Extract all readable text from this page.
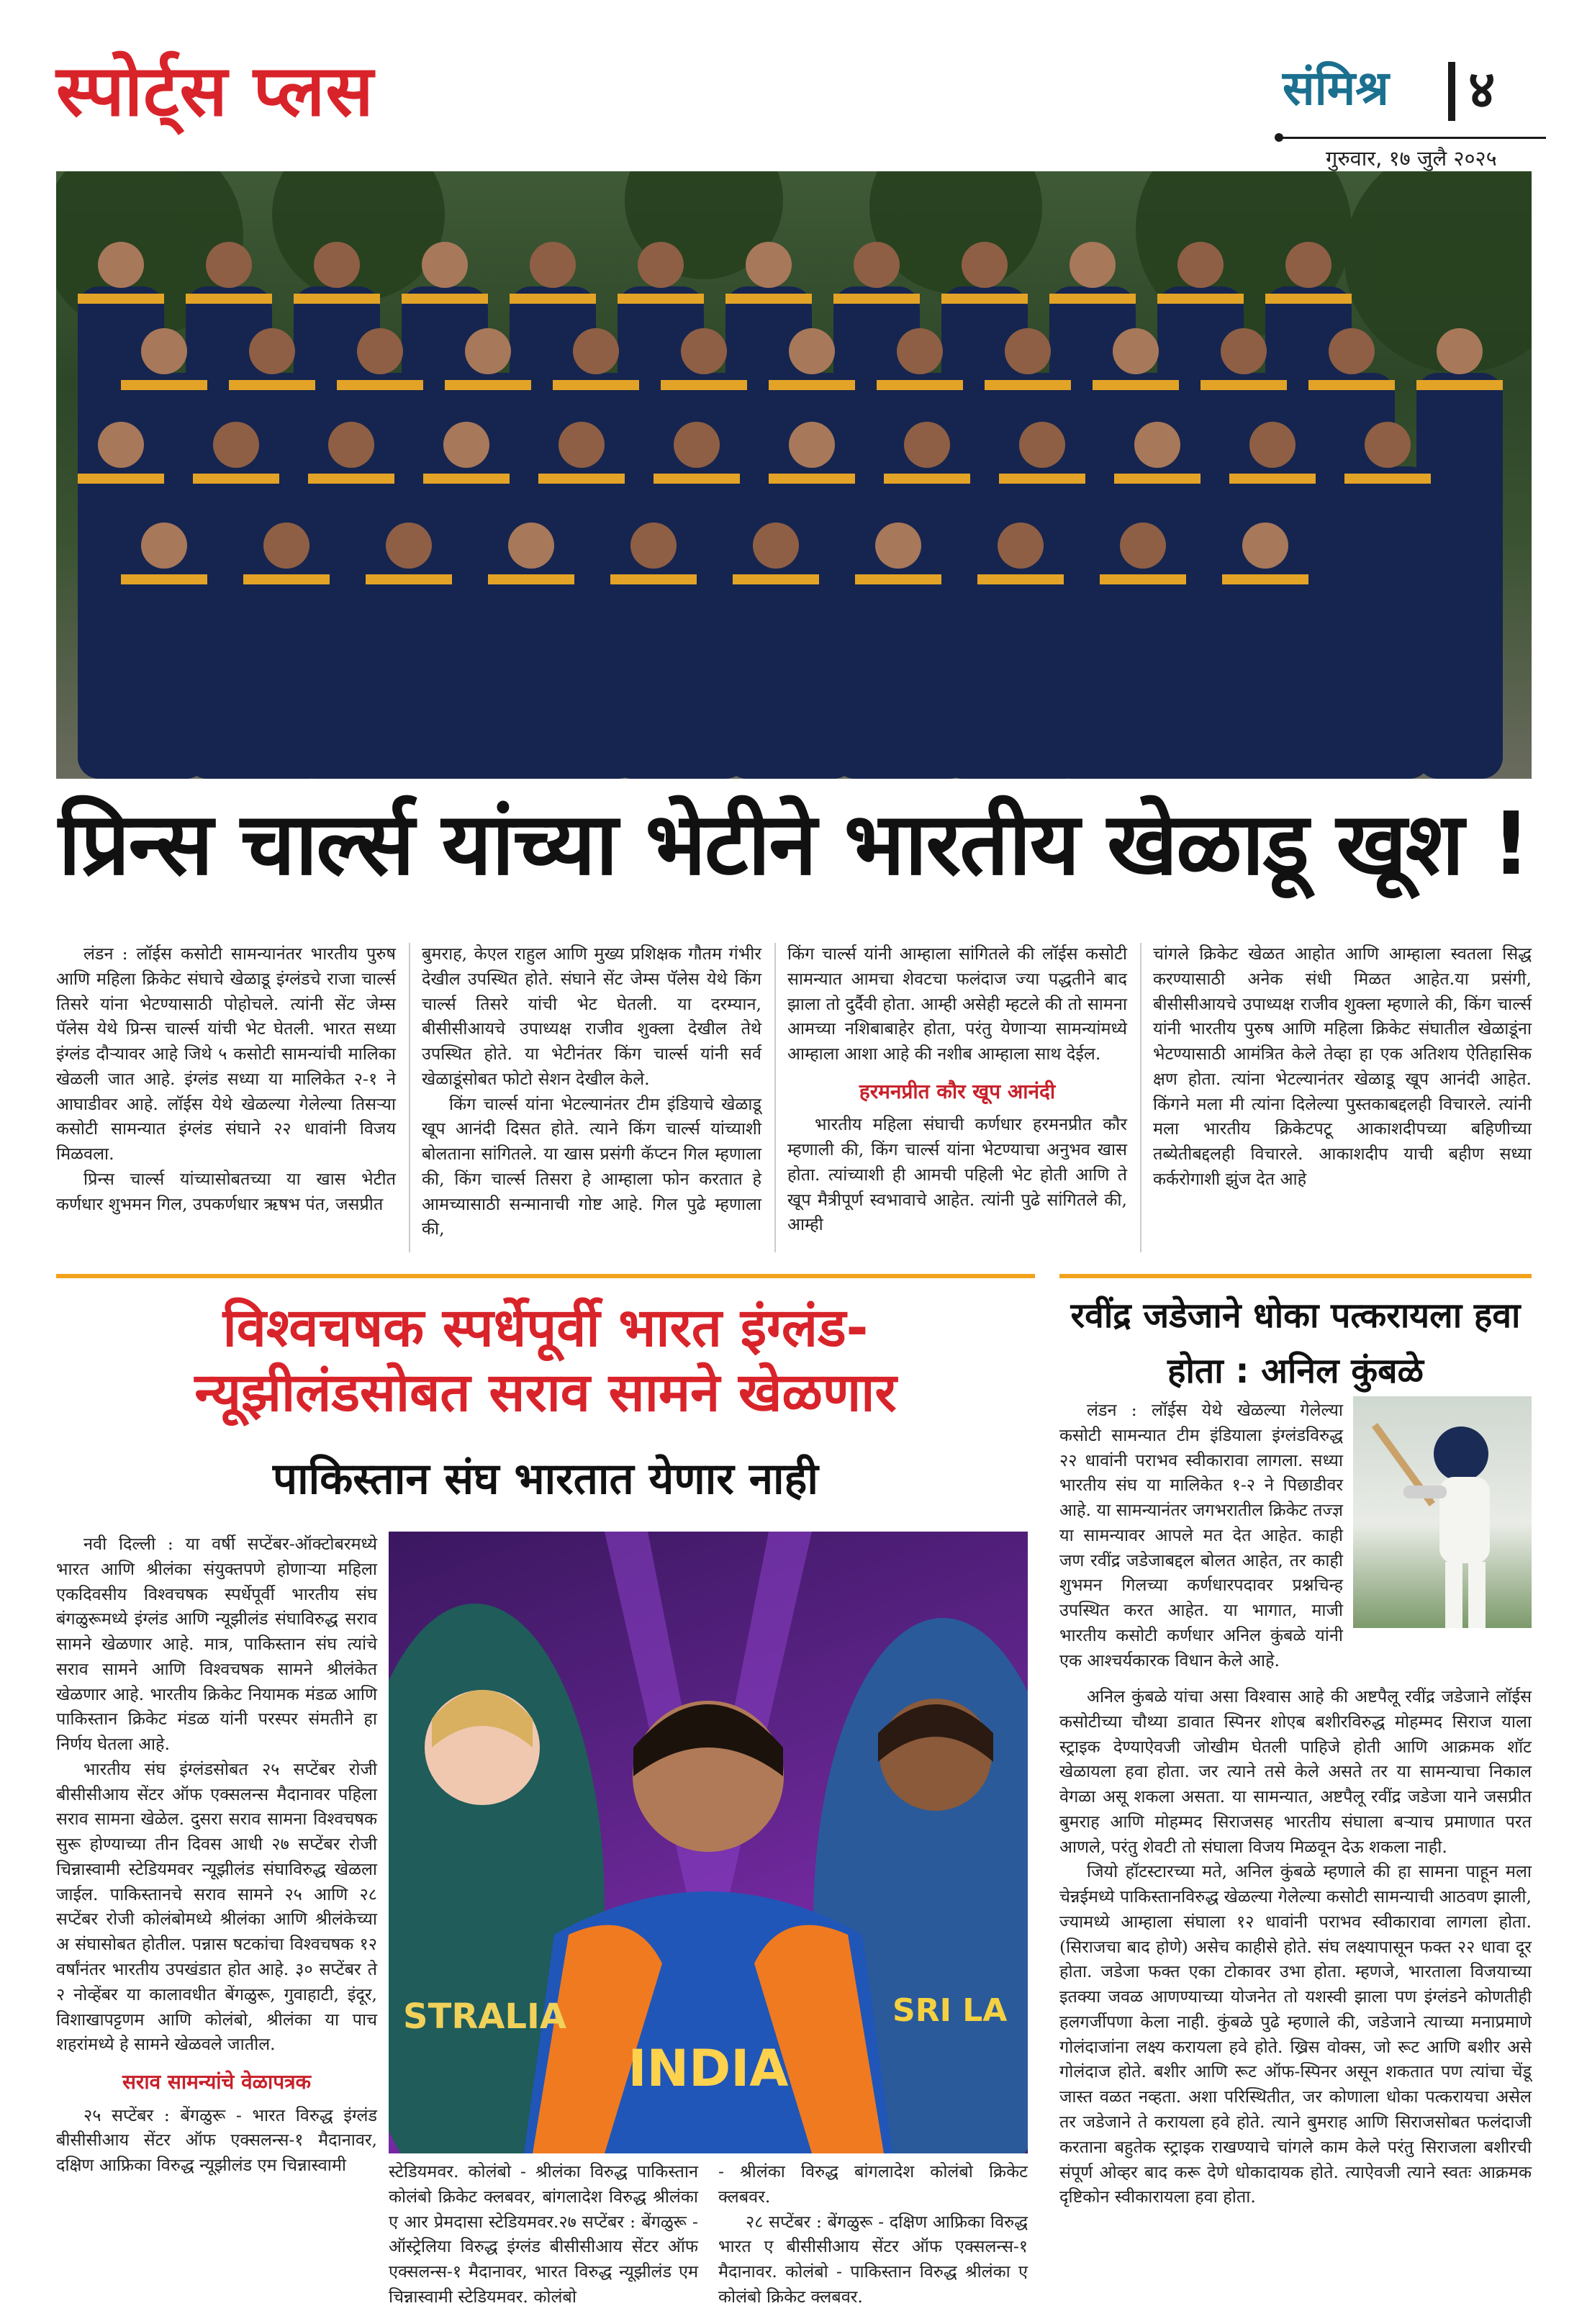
स्पोर्ट्स प्लस	संमिश्र ४
गुरुवार, १७ जुलै २०२५
प्रिन्स चार्ल्स यांच्या भेटीने भारतीय खेळाडू खूश !

लंडन : लॉईस कसोटी सामन्यानंतर भारतीय पुरुष आणि महिला क्रिकेट संघाचे खेळाडू इंग्लंडचे राजा चार्ल्स तिसरे यांना भेटण्यासाठी पोहोचले. त्यांनी सेंट जेम्स पॅलेस येथे प्रिन्स चार्ल्स यांची भेट घेतली. भारत सध्या इंग्लंड दौऱ्यावर आहे जिथे ५ कसोटी सामन्यांची मालिका खेळली जात आहे. इंग्लंड सध्या या मालिकेत २-१ ने आघाडीवर आहे. लॉईस येथे खेळल्या गेलेल्या तिसऱ्या कसोटी सामन्यात इंग्लंड संघाने २२ धावांनी विजय मिळवला.

प्रिन्स चार्ल्स यांच्यासोबतच्या या खास भेटीत कर्णधार शुभमन गिल, उपकर्णधार ऋषभ पंत, जसप्रीत

बुमराह, केएल राहुल आणि मुख्य प्रशिक्षक गौतम गंभीर देखील उपस्थित होते. संघाने सेंट जेम्स पॅलेस येथे किंग चार्ल्स तिसरे यांची भेट घेतली. या दरम्यान, बीसीसीआयचे उपाध्यक्ष राजीव शुक्ला देखील तेथे उपस्थित होते. या भेटीनंतर किंग चार्ल्स यांनी सर्व खेळाडूंसोबत फोटो सेशन देखील केले.

किंग चार्ल्स यांना भेटल्यानंतर टीम इंडियाचे खेळाडू खूप आनंदी दिसत होते. त्याने किंग चार्ल्स यांच्याशी बोलताना सांगितले. या खास प्रसंगी कॅप्टन गिल म्हणाला की, किंग चार्ल्स तिसरा हे आम्हाला फोन करतात हे आमच्यासाठी सन्मानाची गोष्ट आहे. गिल पुढे म्हणाला की,

किंग चार्ल्स यांनी आम्हाला सांगितले की लॉईस कसोटी सामन्यात आमचा शेवटचा फलंदाज ज्या पद्धतीने बाद झाला तो दुर्दैवी होता. आम्ही असेही म्हटले की तो सामना आमच्या नशिबाबाहेर होता, परंतु येणाऱ्या सामन्यांमध्ये आम्हाला आशा आहे की नशीब आम्हाला साथ देईल.

हरमनप्रीत कौर खूप आनंदी

भारतीय महिला संघाची कर्णधार हरमनप्रीत कौर म्हणाली की, किंग चार्ल्स यांना भेटण्याचा अनुभव खास होता. त्यांच्याशी ही आमची पहिली भेट होती आणि ते खूप मैत्रीपूर्ण स्वभावाचे आहेत. त्यांनी पुढे सांगितले की, आम्ही

चांगले क्रिकेट खेळत आहोत आणि आम्हाला स्वतला सिद्ध करण्यासाठी अनेक संधी मिळत आहेत.या प्रसंगी, बीसीसीआयचे उपाध्यक्ष राजीव शुक्ला म्हणाले की, किंग चार्ल्स यांनी भारतीय पुरुष आणि महिला क्रिकेट संघातील खेळाडूंना भेटण्यासाठी आमंत्रित केले तेव्हा हा एक अतिशय ऐतिहासिक क्षण होता. त्यांना भेटल्यानंतर खेळाडू खूप आनंदी आहेत. किंगने मला मी त्यांना दिलेल्या पुस्तकाबद्दलही विचारले. त्यांनी मला भारतीय क्रिकेटपटू आकाशदीपच्या बहिणीच्या तब्येतीबद्दलही विचारले. आकाशदीप याची बहीण सध्या कर्करोगाशी झुंज देत आहे

विश्वचषक स्पर्धेपूर्वी भारत इंग्लंड-
न्यूझीलंडसोबत सराव सामने खेळणार
पाकिस्तान संघ भारतात येणार नाही

नवी दिल्ली : या वर्षी सप्टेंबर-ऑक्टोबरमध्ये भारत आणि श्रीलंका संयुक्तपणे होणाऱ्या महिला एकदिवसीय विश्वचषक स्पर्धेपूर्वी भारतीय संघ बंगळुरूमध्ये इंग्लंड आणि न्यूझीलंड संघाविरुद्ध सराव सामने खेळणार आहे. मात्र, पाकिस्तान संघ त्यांचे सराव सामने आणि विश्वचषक सामने श्रीलंकेत खेळणार आहे. भारतीय क्रिकेट नियामक मंडळ आणि पाकिस्तान क्रिकेट मंडळ यांनी परस्पर संमतीने हा निर्णय घेतला आहे.

भारतीय संघ इंग्लंडसोबत २५ सप्टेंबर रोजी बीसीसीआय सेंटर ऑफ एक्सलन्स मैदानावर पहिला सराव सामना खेळेल. दुसरा सराव सामना विश्वचषक सुरू होण्याच्या तीन दिवस आधी २७ सप्टेंबर रोजी चिन्नास्वामी स्टेडियमवर न्यूझीलंड संघाविरुद्ध खेळला जाईल. पाकिस्तानचे सराव सामने २५ आणि २८ सप्टेंबर रोजी कोलंबोमध्ये श्रीलंका आणि श्रीलंकेच्या अ संघासोबत होतील. पन्नास षटकांचा विश्वचषक १२ वर्षांनंतर भारतीय उपखंडात होत आहे. ३० सप्टेंबर ते २ नोव्हेंबर या कालावधीत बेंगळुरू, गुवाहाटी, इंदूर, विशाखापट्टणम आणि कोलंबो, श्रीलंका या पाच शहरांमध्ये हे सामने खेळवले जातील.

सराव सामन्यांचे वेळापत्रक

२५ सप्टेंबर : बेंगळुरू - भारत विरुद्ध इंग्लंड बीसीसीआय सेंटर ऑफ एक्सलन्स-१ मैदानावर, दक्षिण आफ्रिका विरुद्ध न्यूझीलंड एम चिन्नास्वामी

INDIA
STRALIA	SRI LA

स्टेडियमवर. कोलंबो - श्रीलंका विरुद्ध पाकिस्तान कोलंबो क्रिकेट क्लबवर, बांगलादेश विरुद्ध श्रीलंका ए आर प्रेमदासा स्टेडियमवर.२७ सप्टेंबर : बेंगळुरू - ऑस्ट्रेलिया विरुद्ध इंग्लंड बीसीसीआय सेंटर ऑफ एक्सलन्स-१ मैदानावर, भारत विरुद्ध न्यूझीलंड एम चिन्नास्वामी स्टेडियमवर. कोलंबो

- श्रीलंका विरुद्ध बांगलादेश कोलंबो क्रिकेट क्लबवर.

२८ सप्टेंबर : बेंगळुरू - दक्षिण आफ्रिका विरुद्ध भारत ए बीसीसीआय सेंटर ऑफ एक्सलन्स-१ मैदानावर. कोलंबो - पाकिस्तान विरुद्ध श्रीलंका ए कोलंबो क्रिकेट क्लबवर.

रवींद्र जडेजाने धोका पत्करायला हवा होता : अनिल कुंबळे

लंडन : लॉईस येथे खेळल्या गेलेल्या कसोटी सामन्यात टीम इंडियाला इंग्लंडविरुद्ध २२ धावांनी पराभव स्वीकारावा लागला. सध्या भारतीय संघ या मालिकेत १-२ ने पिछाडीवर आहे. या सामन्यानंतर जगभरातील क्रिकेट तज्ज्ञ या सामन्यावर आपले मत देत आहेत. काही जण रवींद्र जडेजाबद्दल बोलत आहेत, तर काही शुभमन गिलच्या कर्णधारपदावर प्रश्नचिन्ह उपस्थित करत आहेत. या भागात, माजी भारतीय कसोटी कर्णधार अनिल कुंबळे यांनी एक आश्चर्यकारक विधान केले आहे.

अनिल कुंबळे यांचा असा विश्वास आहे की अष्टपैलू रवींद्र जडेजाने लॉईस कसोटीच्या चौथ्या डावात स्पिनर शोएब बशीरविरुद्ध मोहम्मद सिराज याला स्ट्राइक देण्याऐवजी जोखीम घेतली पाहिजे होती आणि आक्रमक शॉट खेळायला हवा होता. जर त्याने तसे केले असते तर या सामन्याचा निकाल वेगळा असू शकला असता. या सामन्यात, अष्टपैलू रवींद्र जडेजा याने जसप्रीत बुमराह आणि मोहम्मद सिराजसह भारतीय संघाला बऱ्याच प्रमाणात परत आणले, परंतु शेवटी तो संघाला विजय मिळवून देऊ शकला नाही.

जियो हॉटस्टारच्या मते, अनिल कुंबळे म्हणाले की हा सामना पाहून मला चेन्नईमध्ये पाकिस्तानविरुद्ध खेळल्या गेलेल्या कसोटी सामन्याची आठवण झाली, ज्यामध्ये आम्हाला संघाला १२ धावांनी पराभव स्वीकारावा लागला होता. (सिराजचा बाद होणे) असेच काहीसे होते. संघ लक्ष्यापासून फक्त २२ धावा दूर होता. जडेजा फक्त एका टोकावर उभा होता. म्हणजे, भारताला विजयाच्या इतक्या जवळ आणण्याच्या योजनेत तो यशस्वी झाला पण इंग्लंडने कोणतीही हलगर्जीपणा केला नाही. कुंबळे पुढे म्हणाले की, जडेजाने त्याच्या मनाप्रमाणे गोलंदाजांना लक्ष्य करायला हवे होते. ख्रिस वोक्स, जो रूट आणि बशीर असे गोलंदाज होते. बशीर आणि रूट ऑफ-स्पिनर असून शकतात पण त्यांचा चेंडू जास्त वळत नव्हता. अशा परिस्थितीत, जर कोणाला धोका पत्करायचा असेल तर जडेजाने ते करायला हवे होते. त्याने बुमराह आणि सिराजसोबत फलंदाजी करताना बहुतेक स्ट्राइक राखण्याचे चांगले काम केले परंतु सिराजला बशीरची संपूर्ण ओव्हर बाद करू देणे धोकादायक होते. त्याऐवजी त्याने स्वतः आक्रमक दृष्टिकोन स्वीकारायला हवा होता.
